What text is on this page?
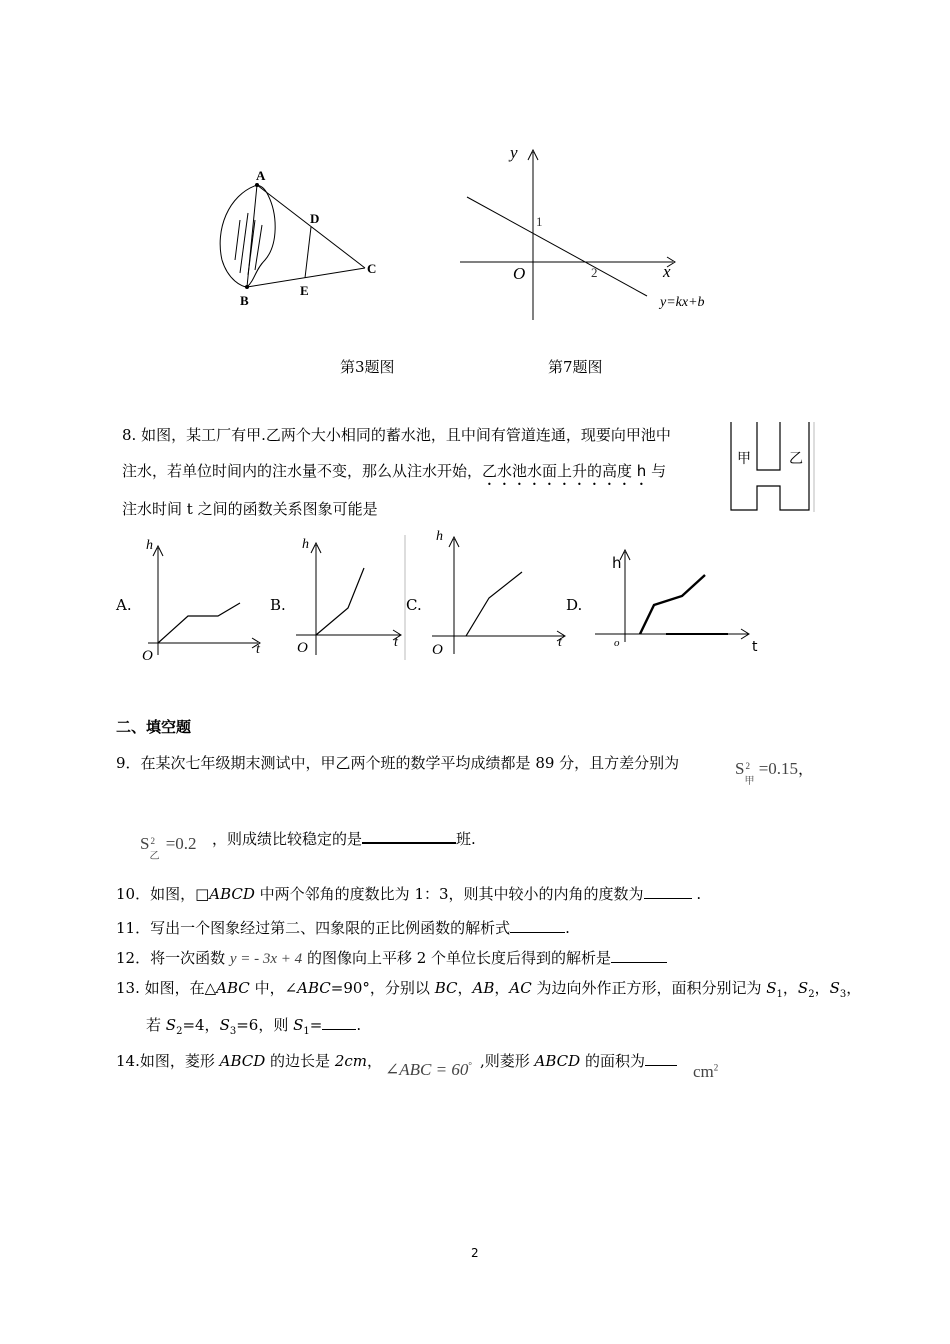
A
B
C
D
E
y
x
O
1
2
y=kx+b
第3题图	第7题图
8. 如图，某工厂有甲.乙两个大小相同的蓄水池，且中间有管道连通，现要向甲池中
注水，若单位时间内的注水量不变，那么从注水开始，乙水池水面上升的高度 h 与
注水时间 t 之间的函数关系图象可能是
甲	乙
A.
h
O	t
B.
h
O	t
C.
h
O	t
D.
h
o	t
二、填空题
9．在某次七年级期末测试中，甲乙两个班的数学平均成绩都是 89 分，且方差分别为	S 2
甲
=0.15，
S 2
乙
=0.2 ，则成绩比较稳定的是	班.
10．如图，□ABCD 中两个邻角的度数比为 1：3，则其中较小的内角的度数为	.
11．写出一个图象经过第二、四象限的正比例函数的解析式	.
12．将一次函数 y = - 3x + 4 的图像向上平移 2 个单位长度后得到的解析是
13. 如图，在△ABC 中，∠ABC=90°，分别以 BC，AB，AC 为边向外作正方形，面积分别记为 $S_1$，$S_2$，$S_3$，
若 $S_2=4$，$S_3=6$，则 $S_1=$ .
14.如图，菱形 ABCD 的边长是 2cm， ∠ABC = 60° ,则菱形 ABCD 的面积为
$cm^2$
2
